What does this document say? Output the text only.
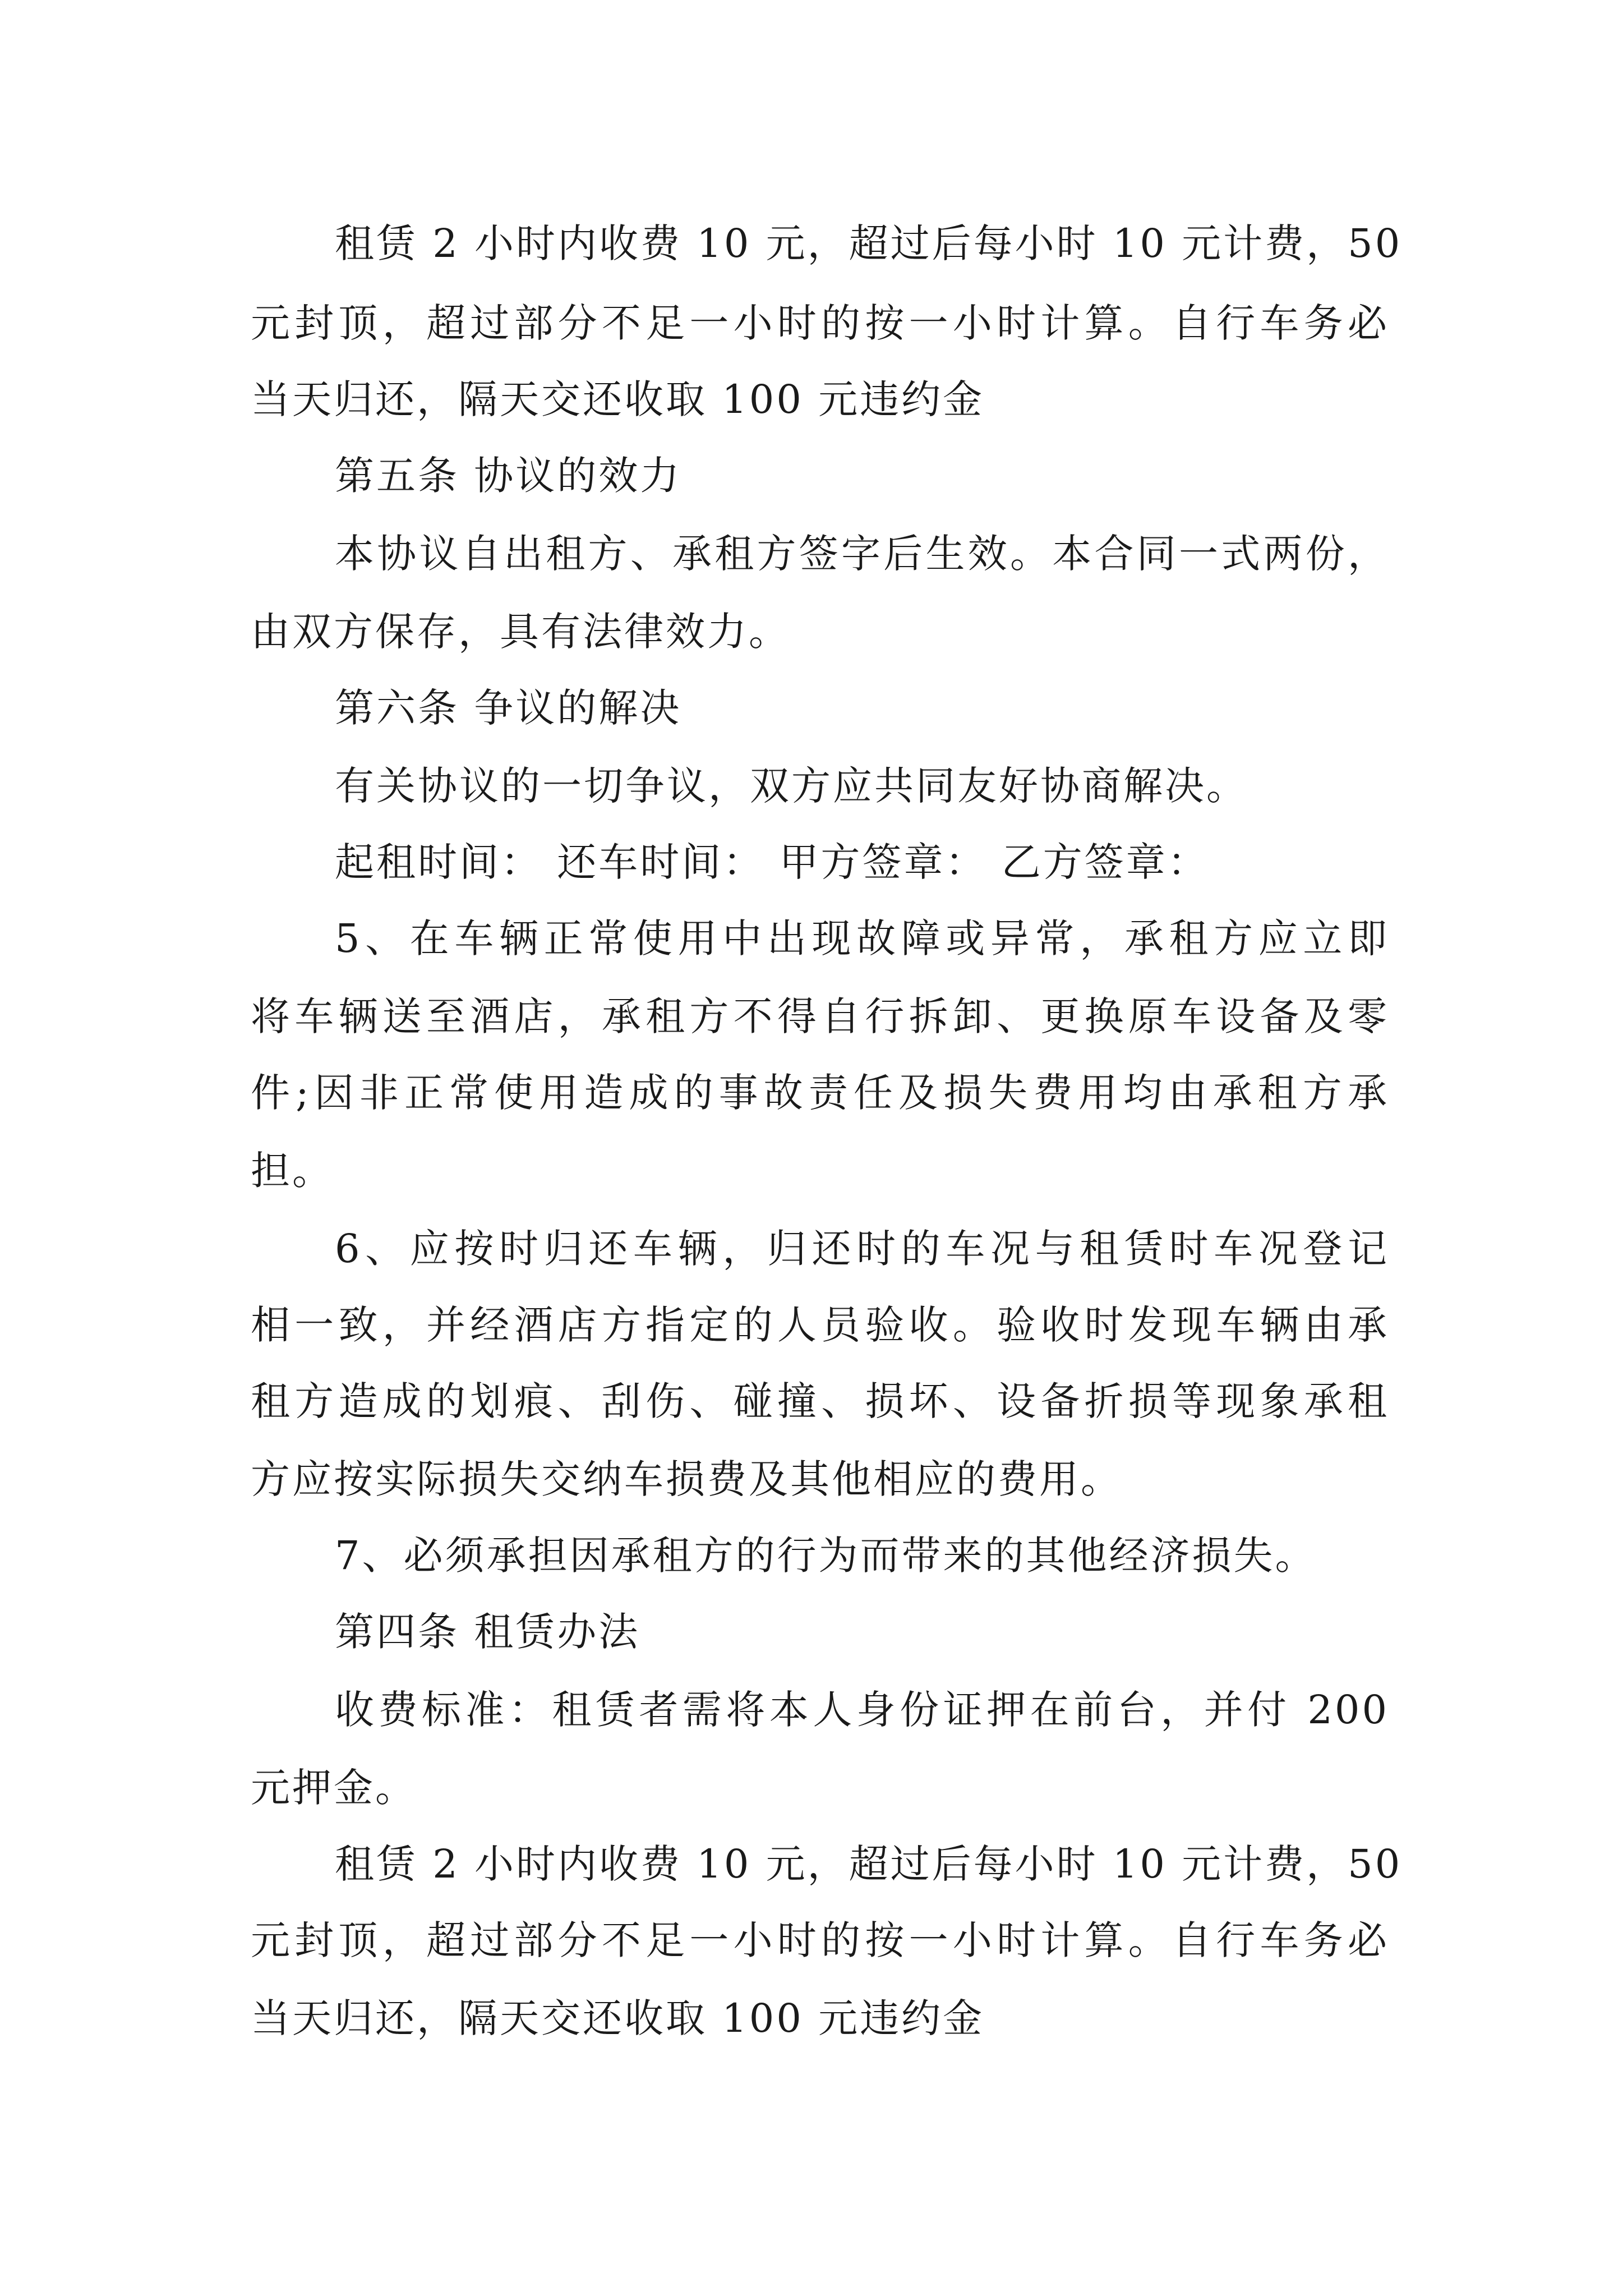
租赁 2 小时内收费 10 元，超过后每小时 10 元计费，50
元封顶，超过部分不足一小时的按一小时计算。自行车务必
当天归还，隔天交还收取 100 元违约金
第五条 协议的效力
本协议自出租方、承租方签字后生效。本合同一式两份，
由双方保存，具有法律效力。
第六条 争议的解决
有关协议的一切争议，双方应共同友好协商解决。
起租时间： 还车时间： 甲方签章： 乙方签章：
5、在车辆正常使用中出现故障或异常，承租方应立即
将车辆送至酒店，承租方不得自行拆卸、更换原车设备及零
件;因非正常使用造成的事故责任及损失费用均由承租方承
担。
6、应按时归还车辆，归还时的车况与租赁时车况登记
相一致，并经酒店方指定的人员验收。验收时发现车辆由承
租方造成的划痕、刮伤、碰撞、损坏、设备折损等现象承租
方应按实际损失交纳车损费及其他相应的费用。
7、必须承担因承租方的行为而带来的其他经济损失。
第四条 租赁办法
收费标准：租赁者需将本人身份证押在前台，并付 200
元押金。
租赁 2 小时内收费 10 元，超过后每小时 10 元计费，50
元封顶，超过部分不足一小时的按一小时计算。自行车务必
当天归还，隔天交还收取 100 元违约金
